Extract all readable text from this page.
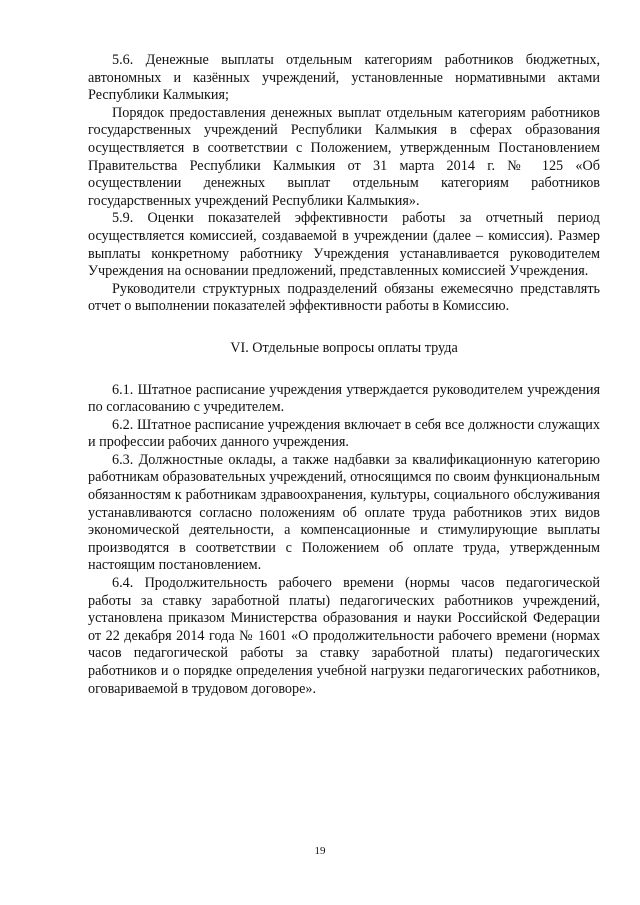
5.6. Денежные выплаты отдельным категориям работников бюджетных, автономных и казённых учреждений, установленные нормативными актами Республики Калмыкия;

Порядок предоставления денежных выплат отдельным категориям работников государственных учреждений Республики Калмыкия в сферах образования осуществляется в соответствии с Положением, утвержденным Постановлением Правительства Республики Калмыкия от 31 марта 2014 г. № 125 «Об осуществлении денежных выплат отдельным категориям работников государственных учреждений Республики Калмыкия».

5.9. Оценки показателей эффективности работы за отчетный период осуществляется комиссией, создаваемой в учреждении (далее – комиссия). Размер выплаты конкретному работнику Учреждения устанавливается руководителем Учреждения на основании предложений, представленных комиссией Учреждения.

Руководители структурных подразделений обязаны ежемесячно представлять отчет о выполнении показателей эффективности работы в Комиссию.

VI. Отдельные вопросы оплаты труда

6.1. Штатное расписание учреждения утверждается руководителем учреждения по согласованию с учредителем.

6.2. Штатное расписание учреждения включает в себя все должности служащих и профессии рабочих данного учреждения.

6.3. Должностные оклады, а также надбавки за квалификационную категорию работникам образовательных учреждений, относящимся по своим функциональным обязанностям к работникам здравоохранения, культуры, социального обслуживания устанавливаются согласно положениям об оплате труда работников этих видов экономической деятельности, а компенсационные и стимулирующие выплаты производятся в соответствии с Положением об оплате труда, утвержденным настоящим постановлением.

6.4. Продолжительность рабочего времени (нормы часов педагогической работы за ставку заработной платы) педагогических работников учреждений, установлена приказом Министерства образования и науки Российской Федерации от 22 декабря 2014 года № 1601 «О продолжительности рабочего времени (нормах часов педагогической работы за ставку заработной платы) педагогических работников и о порядке определения учебной нагрузки педагогических работников, оговариваемой в трудовом договоре».

19
